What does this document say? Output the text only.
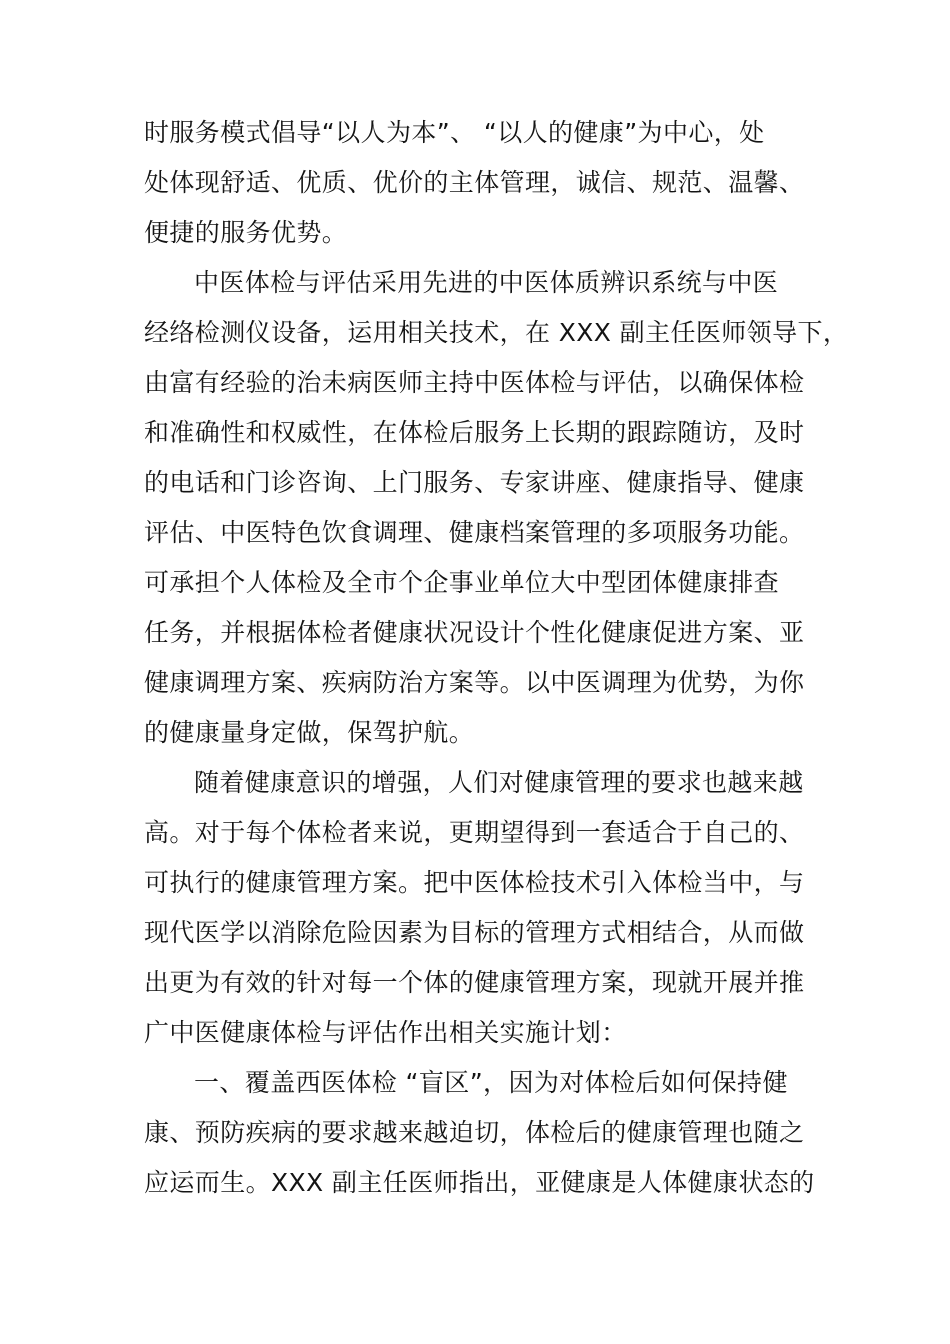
时服务模式倡导“以人为本”、 “以人的健康”为中心，处
处体现舒适、优质、优价的主体管理，诚信、规范、温馨、
便捷的服务优势。
中医体检与评估采用先进的中医体质辨识系统与中医
经络检测仪设备，运用相关技术，在 XXX 副主任医师领导下，
由富有经验的治未病医师主持中医体检与评估，以确保体检
和准确性和权威性，在体检后服务上长期的跟踪随访，及时
的电话和门诊咨询、上门服务、专家讲座、健康指导、健康
评估、中医特色饮食调理、健康档案管理的多项服务功能。
可承担个人体检及全市个企事业单位大中型团体健康排查
任务，并根据体检者健康状况设计个性化健康促进方案、亚
健康调理方案、疾病防治方案等。以中医调理为优势，为你
的健康量身定做，保驾护航。
随着健康意识的增强，人们对健康管理的要求也越来越
高。对于每个体检者来说，更期望得到一套适合于自己的、
可执行的健康管理方案。把中医体检技术引入体检当中，与
现代医学以消除危险因素为目标的管理方式相结合，从而做
出更为有效的针对每一个体的健康管理方案，现就开展并推
广中医健康体检与评估作出相关实施计划：
一、覆盖西医体检 “盲区”，因为对体检后如何保持健
康、预防疾病的要求越来越迫切，体检后的健康管理也随之
应运而生。XXX 副主任医师指出，亚健康是人体健康状态的
